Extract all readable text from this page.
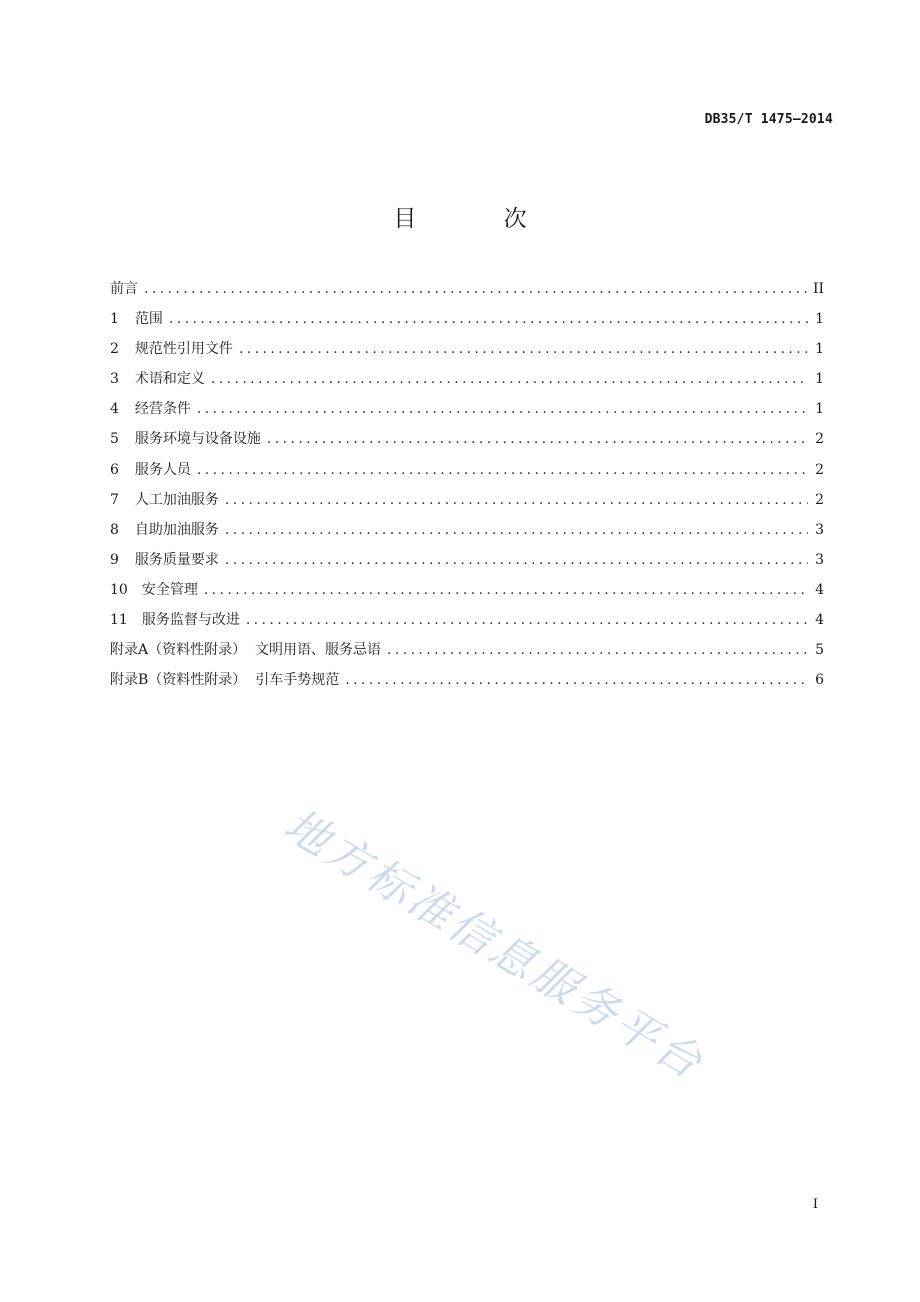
DB35/T 1475—2014
目 次
前言 .....	II
1 范围 .....	1
2 规范性引用文件 .....	1
3 术语和定义 .....	1
4 经营条件 .....	1
5 服务环境与设备设施 .....	2
6 服务人员 .....	2
7 人工加油服务 .....	2
8 自助加油服务 .....	3
9 服务质量要求 .....	3
10 安全管理 .....	4
11 服务监督与改进 .....	4
附录A（资料性附录）  文明用语、服务忌语 .....	5
附录B（资料性附录）  引车手势规范 .....	6
地方标准信息服务平台
I
